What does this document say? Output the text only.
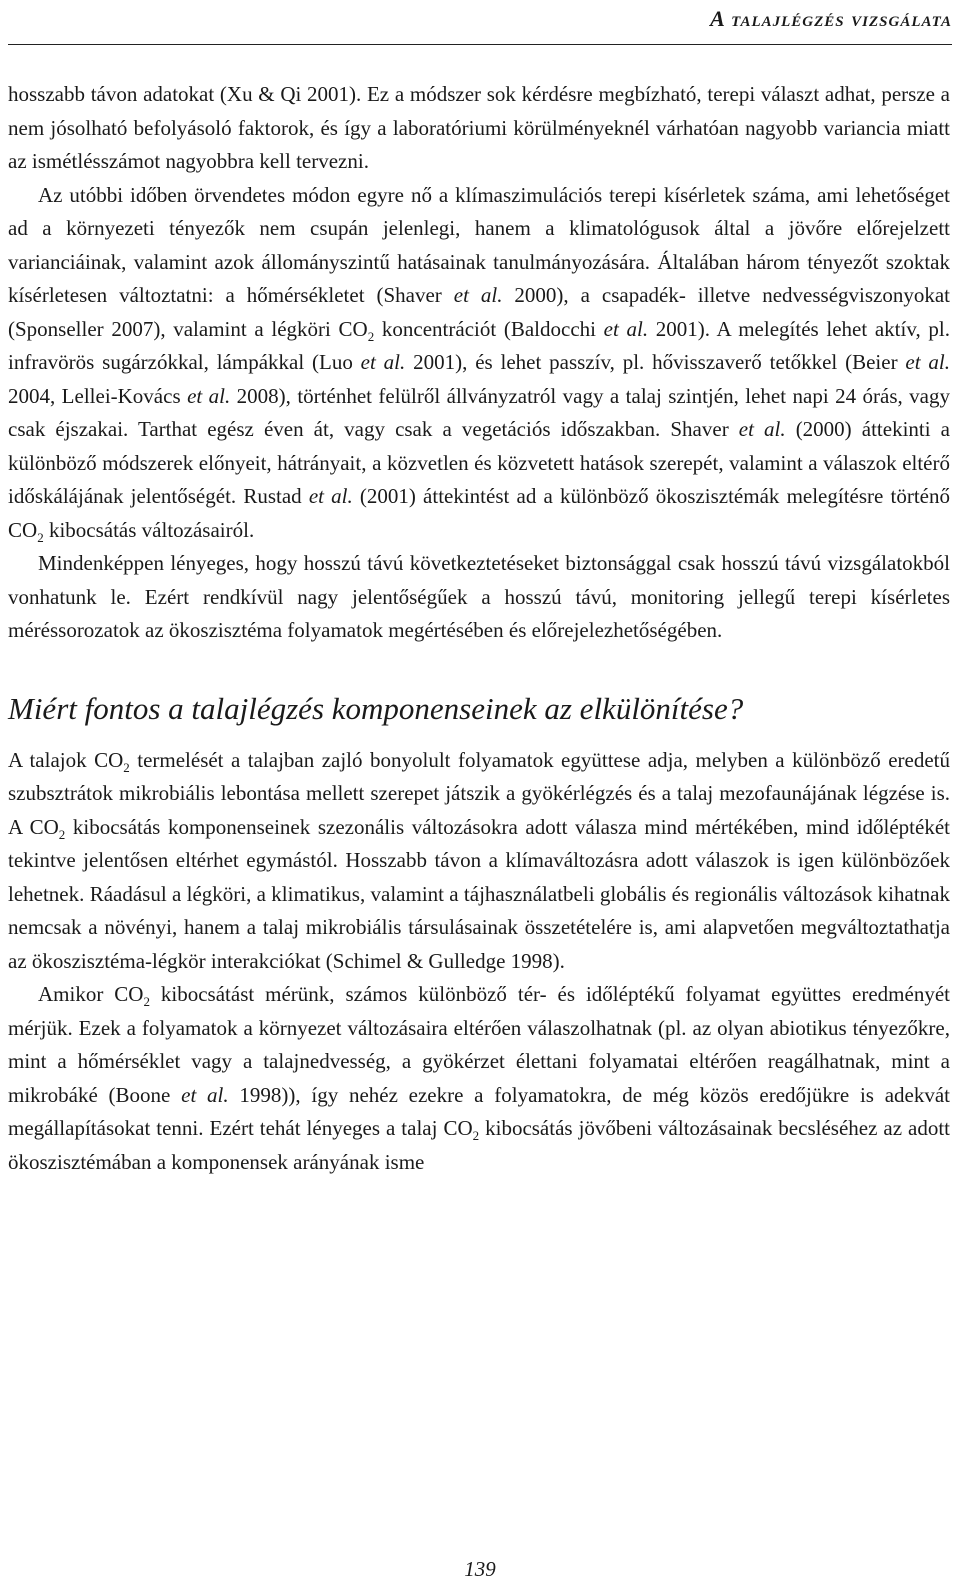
A talajlégzés vizsgálata

hosszabb távon adatokat (Xu & Qi 2001). Ez a módszer sok kérdésre megbízható, terepi választ adhat, persze a nem jósolható befolyásoló faktorok, és így a laboratóriumi körülményeknél várhatóan nagyobb variancia miatt az ismétlésszámot nagyobbra kell tervezni.

Az utóbbi időben örvendetes módon egyre nő a klímaszimulációs terepi kísérletek száma, ami lehetőséget ad a környezeti tényezők nem csupán jelenlegi, hanem a klimatológusok által a jövőre előrejelzett varianciáinak, valamint azok állományszintű hatásainak tanulmányozására. Általában három tényezőt szoktak kísérletesen változtatni: a hőmérsékletet (Shaver et al. 2000), a csapadék- illetve nedvességviszonyokat (Sponseller 2007), valamint a légköri $CO_2$ koncentrációt (Baldocchi et al. 2001). A melegítés lehet aktív, pl. infravörös sugárzókkal, lámpákkal (Luo et al. 2001), és lehet passzív, pl. hővisszaverő tetőkkel (Beier et al. 2004, Lellei-Kovács et al. 2008), történhet felülről állványzatról vagy a talaj szintjén, lehet napi 24 órás, vagy csak éjszakai. Tarthat egész éven át, vagy csak a vegetációs időszakban. Shaver et al. (2000) áttekinti a különböző módszerek előnyeit, hátrányait, a közvetlen és közvetett hatások szerepét, valamint a válaszok eltérő időskálájának jelentőségét. Rustad et al. (2001) áttekintést ad a különböző ökoszisztémák melegítésre történő $CO_2$ kibocsátás változásairól.

Mindenképpen lényeges, hogy hosszú távú következtetéseket biztonsággal csak hosszú távú vizsgálatokból vonhatunk le. Ezért rendkívül nagy jelentőségűek a hosszú távú, monitoring jellegű terepi kísérletes méréssorozatok az ökoszisztéma folyamatok megértésében és előrejelezhetőségében.

Miért fontos a talajlégzés komponenseinek az elkülönítése?

A talajok $CO_2$ termelését a talajban zajló bonyolult folyamatok együttese adja, melyben a különböző eredetű szubsztrátok mikrobiális lebontása mellett szerepet játszik a gyökérlégzés és a talaj mezofaunájának légzése is. A $CO_2$ kibocsátás komponenseinek szezonális változásokra adott válasza mind mértékében, mind időléptékét tekintve jelentősen eltérhet egymástól. Hosszabb távon a klímaváltozásra adott válaszok is igen különbözőek lehetnek. Ráadásul a légköri, a klimatikus, valamint a tájhasználatbeli globális és regionális változások kihatnak nemcsak a növényi, hanem a talaj mikrobiális társulásainak összetételére is, ami alapvetően megváltoztathatja az ökoszisztéma-légkör interakciókat (Schimel & Gulledge 1998).

Amikor $CO_2$ kibocsátást mérünk, számos különböző tér- és időléptékű folyamat együttes eredményét mérjük. Ezek a folyamatok a környezet változásaira eltérően válaszolhatnak (pl. az olyan abiotikus tényezőkre, mint a hőmérséklet vagy a talajnedvesség, a gyökérzet élettani folyamatai eltérően reagálhatnak, mint a mikrobáké (Boone et al. 1998)), így nehéz ezekre a folyamatokra, de még közös eredőjükre is adekvát megállapításokat tenni. Ezért tehát lényeges a talaj $CO_2$ kibocsátás jövőbeni változásainak becsléséhez az adott ökoszisztémában a komponensek arányának isme

139
